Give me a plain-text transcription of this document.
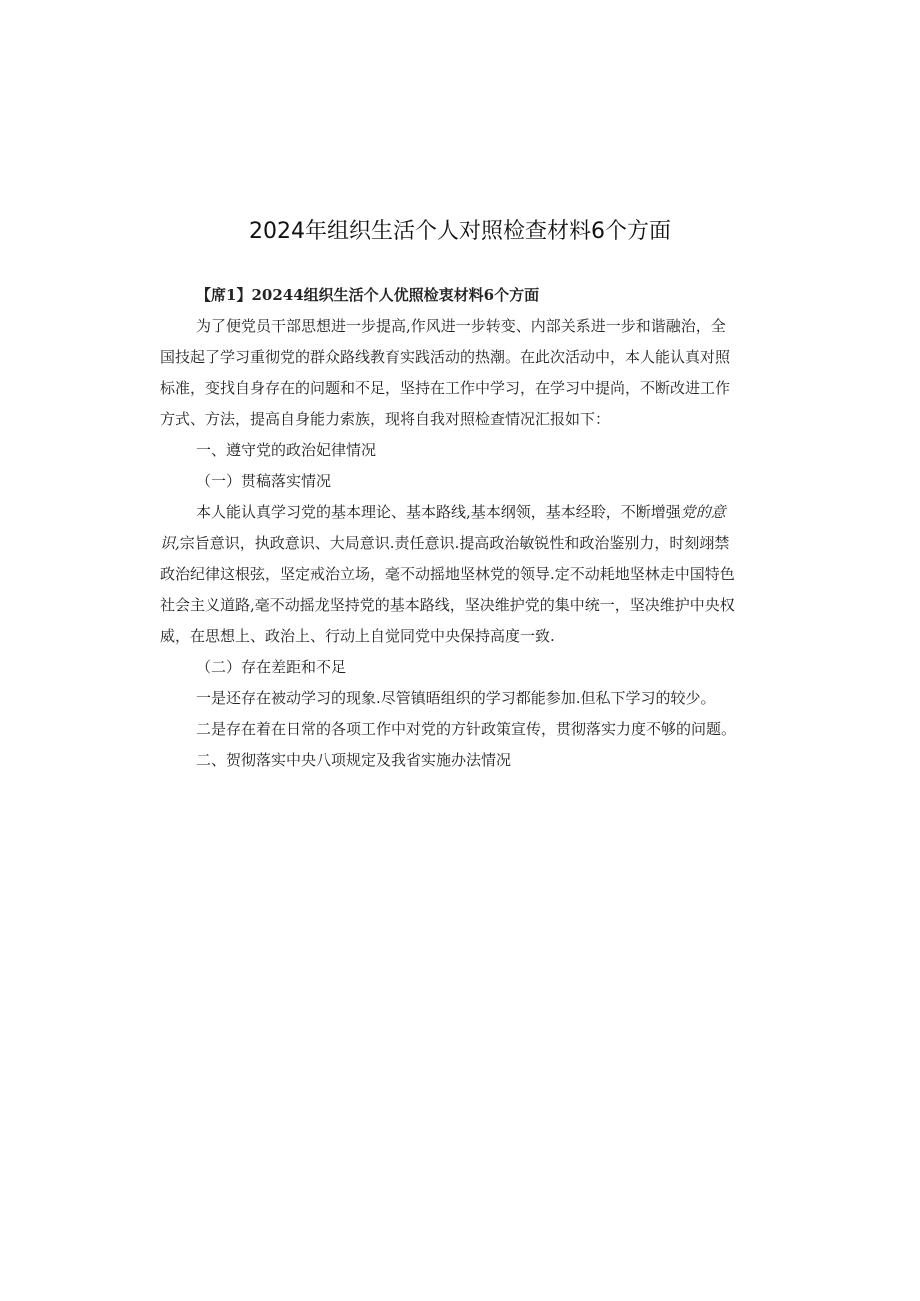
2024年组织生活个人对照检查材料6个方面
【席1】20244组织生活个人优照检衷材料6个方面
为了便党员干部思想进一步提高,作风进一步转变、内部关系进一步和谐融治，全
国技起了学习重彻党的群众路线教育实践活动的热潮。在此次活动中，本人能认真对照
标准，变找自身存在的问题和不足，坚持在工作中学习，在学习中提尚，不断改进工作
方式、方法，提高自身能力索族，现将自我对照检查情况汇报如下：
一、遵守党的政治妃律情况
（一）贯稿落实情况
本人能认真学习党的基本理论、基本路线,基本纲领，基本经聆，不断增强党的意
识,宗旨意识，执政意识、大局意识.责任意识.提高政治敏锐性和政治鉴别力，时刻翊禁
政治纪律这根弦，坚定戒治立场，毫不动摇地坚林党的领导.定不动耗地坚林走中国特色
社会主义道路,毫不动摇龙坚持党的基本路线，坚决维护党的集中统一，坚决维护中央权
威，在思想上、政治上、行动上自觉同党中央保持高度一致.
（二）存在差距和不足
一是还存在被动学习的现象.尽管镇晤组织的学习都能参加.但私下学习的较少。
二是存在着在日常的各项工作中对党的方针政策宣传，贯彻落实力度不够的问题。
二、贺彻落实中央八项规定及我省实施办法情况
